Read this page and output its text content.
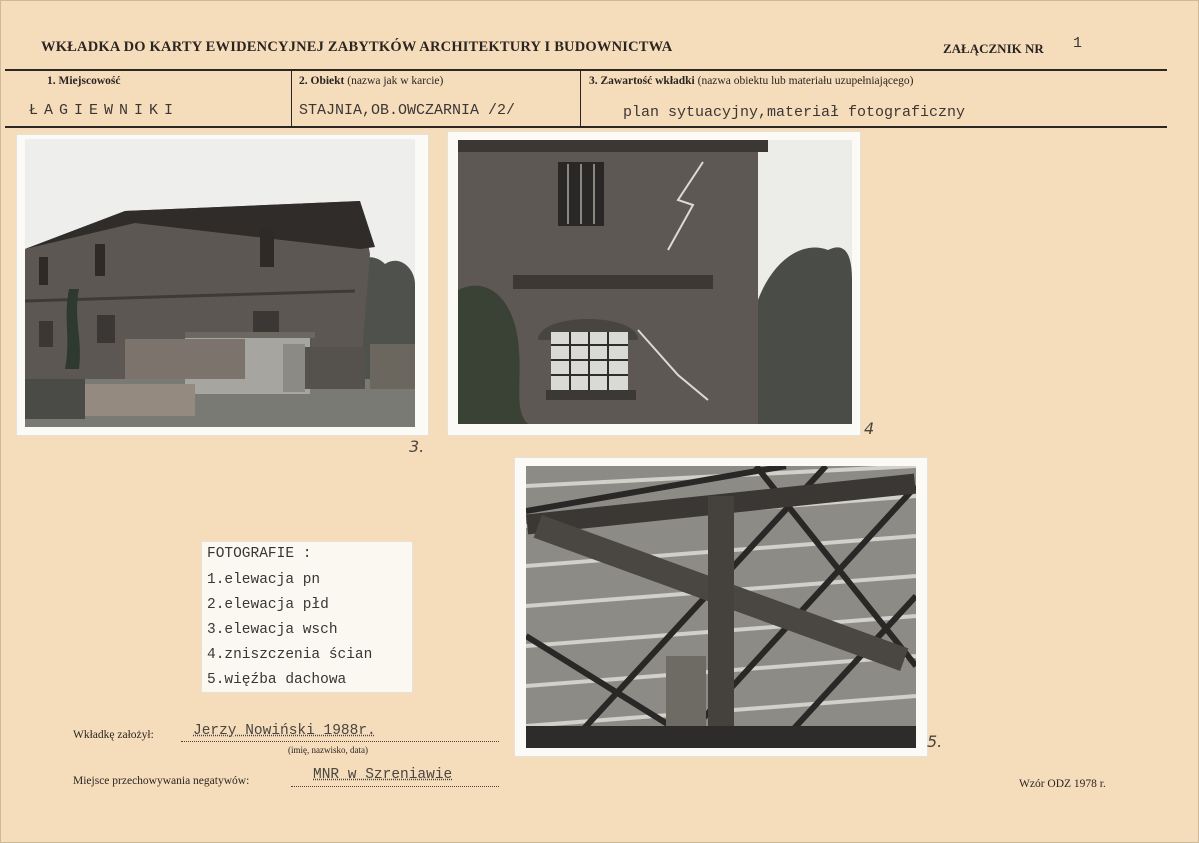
WKŁADKA DO KARTY EWIDENCYJNEJ ZABYTKÓW ARCHITEKTURY I BUDOWNICTWA	ZAŁĄCZNIK NR 1
1. Miejscowość	2. Obiekt (nazwa jak w karcie)	3. Zawartość wkładki (nazwa obiektu lub materiału uzupełniającego)
ŁAGIEWNIKI	STAJNIA,OB.OWCZARNIA /2/	plan sytuacyjny,materiał fotograficzny
3.
4
5.
FOTOGRAFIE :
1.elewacja pn
2.elewacja płd
3.elewacja wsch
4.zniszczenia ścian
5.więźba dachowa
Wkładkę założył:	Jerzy Nowiński 1988r.
(imię, nazwisko, data)
Miejsce przechowywania negatywów:	MNR w Szreniawie
Wzór ODZ 1978 r.
